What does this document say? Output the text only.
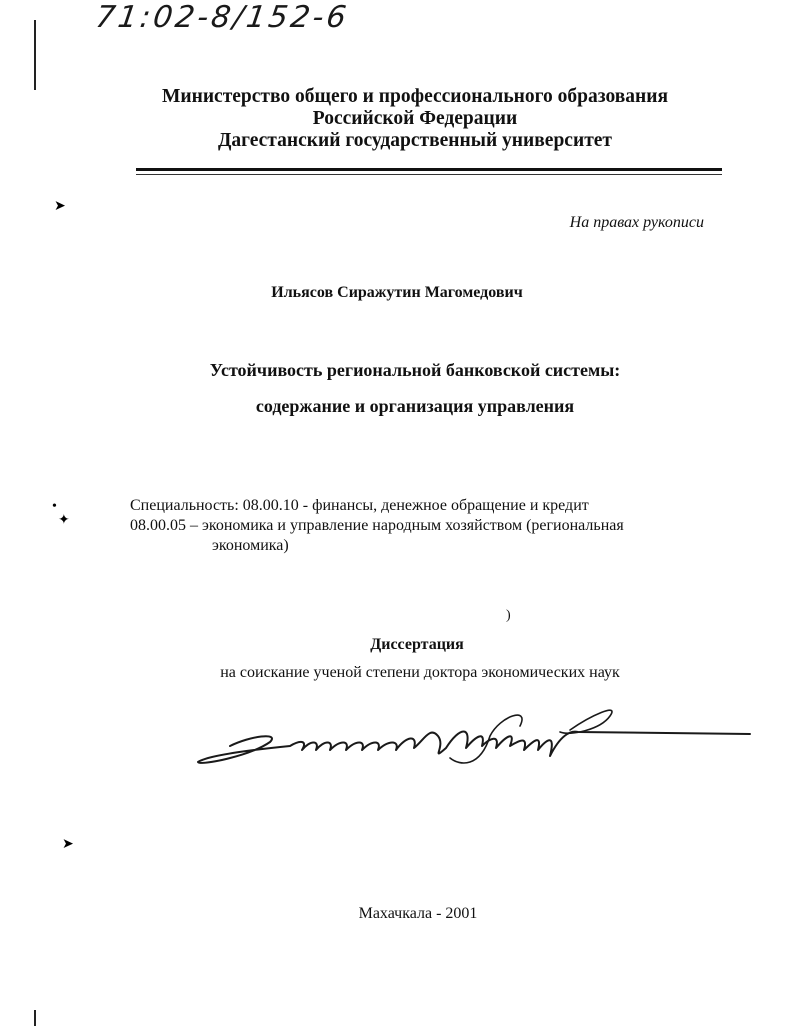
➤
•
✦
➤
71:02-8/152-6
Министерство общего и профессионального образования
Российской Федерации
Дагестанский государственный университет
На правах рукописи
Ильясов Сиражутин Магомедович
Устойчивость региональной банковской системы:
содержание и организация управления
Специальность: 08.00.10 - финансы, денежное обращение и кредит
08.00.05 – экономика и управление народным хозяйством (региональная
экономика)
)
Диссертация
на соискание ученой степени доктора экономических наук
Махачкала - 2001
